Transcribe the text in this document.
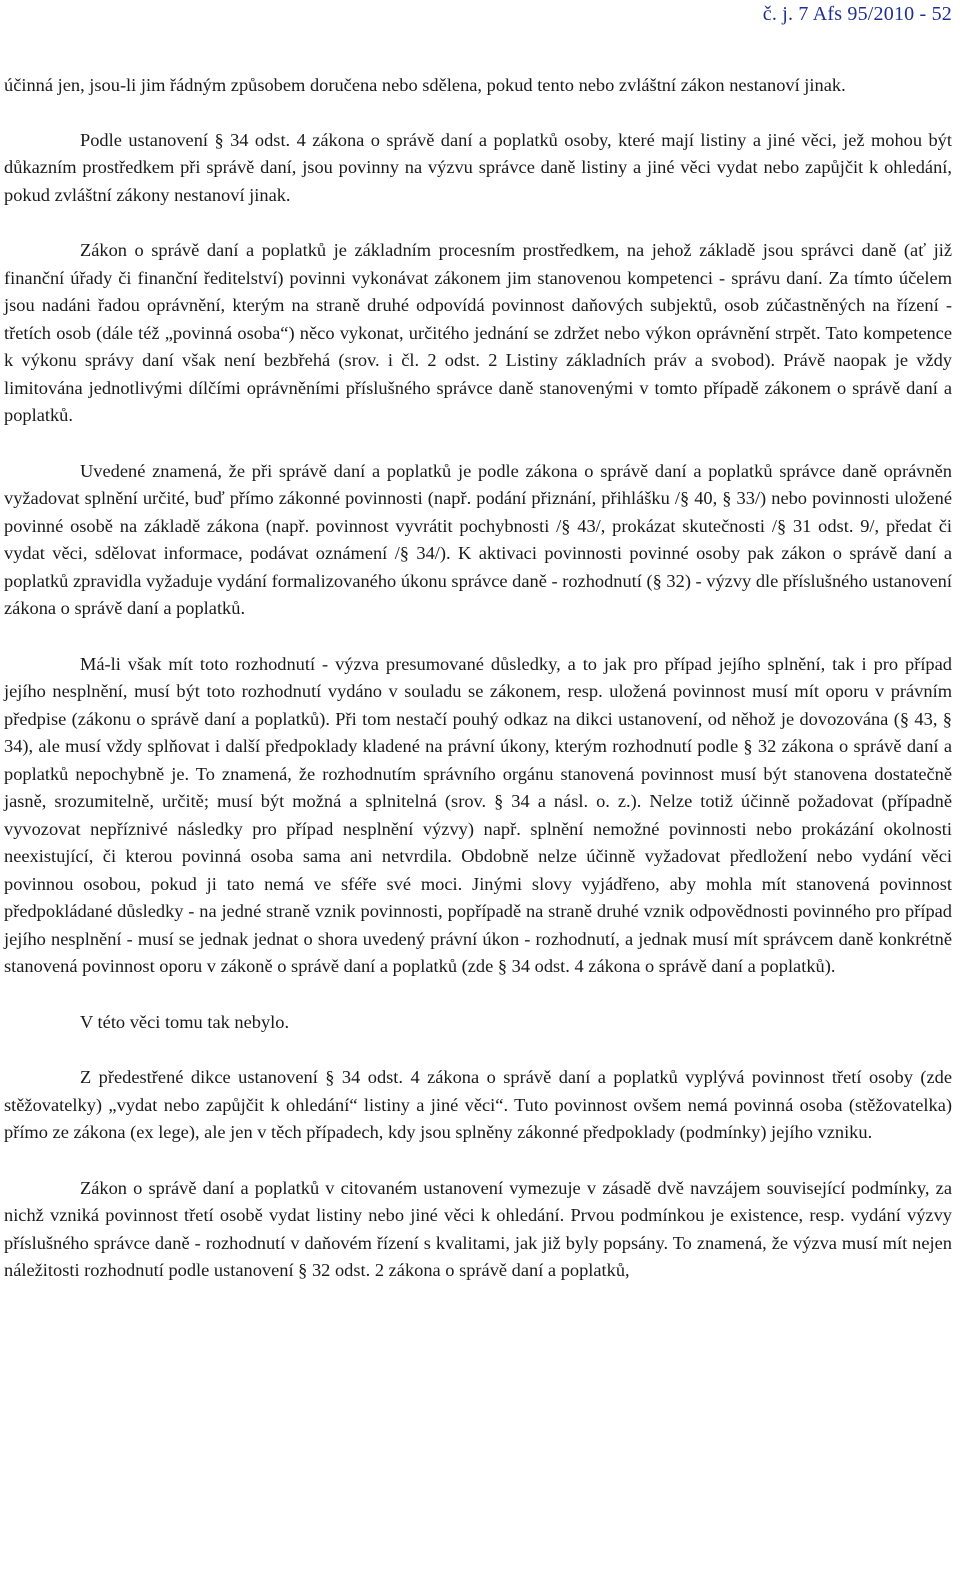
č. j. 7 Afs 95/2010 - 52

účinná jen, jsou-li jim řádným způsobem doručena nebo sdělena, pokud tento nebo zvláštní zákon nestanoví jinak.

Podle ustanovení § 34 odst. 4 zákona o správě daní a poplatků osoby, které mají listiny a jiné věci, jež mohou být důkazním prostředkem při správě daní, jsou povinny na výzvu správce daně listiny a jiné věci vydat nebo zapůjčit k ohledání, pokud zvláštní zákony nestanoví jinak.

Zákon o správě daní a poplatků je základním procesním prostředkem, na jehož základě jsou správci daně (ať již finanční úřady či finanční ředitelství) povinni vykonávat zákonem jim stanovenou kompetenci - správu daní. Za tímto účelem jsou nadáni řadou oprávnění, kterým na straně druhé odpovídá povinnost daňových subjektů, osob zúčastněných na řízení - třetích osob (dále též „povinná osoba“) něco vykonat, určitého jednání se zdržet nebo výkon oprávnění strpět. Tato kompetence k výkonu správy daní však není bezbřehá (srov. i čl. 2 odst. 2 Listiny základních práv a svobod). Právě naopak je vždy limitována jednotlivými dílčími oprávněními příslušného správce daně stanovenými v tomto případě zákonem o správě daní a poplatků.

Uvedené znamená, že při správě daní a poplatků je podle zákona o správě daní a poplatků správce daně oprávněn vyžadovat splnění určité, buď přímo zákonné povinnosti (např. podání přiznání, přihlášku /§ 40, § 33/) nebo povinnosti uložené povinné osobě na základě zákona (např. povinnost vyvrátit pochybnosti /§ 43/, prokázat skutečnosti /§ 31 odst. 9/, předat či vydat věci, sdělovat informace, podávat oznámení /§ 34/). K aktivaci povinnosti povinné osoby pak zákon o správě daní a poplatků zpravidla vyžaduje vydání formalizovaného úkonu správce daně - rozhodnutí (§ 32) - výzvy dle příslušného ustanovení zákona o správě daní a poplatků.

Má-li však mít toto rozhodnutí - výzva presumované důsledky, a to jak pro případ jejího splnění, tak i pro případ jejího nesplnění, musí být toto rozhodnutí vydáno v souladu se zákonem, resp. uložená povinnost musí mít oporu v právním předpise (zákonu o správě daní a poplatků). Při tom nestačí pouhý odkaz na dikci ustanovení, od něhož je dovozována (§ 43, § 34), ale musí vždy splňovat i další předpoklady kladené na právní úkony, kterým rozhodnutí podle § 32 zákona o správě daní a poplatků nepochybně je. To znamená, že rozhodnutím správního orgánu stanovená povinnost musí být stanovena dostatečně jasně, srozumitelně, určitě; musí být možná a splnitelná (srov. § 34 a násl. o. z.). Nelze totiž účinně požadovat (případně vyvozovat nepříznivé následky pro případ nesplnění výzvy) např. splnění nemožné povinnosti nebo prokázání okolnosti neexistující, či kterou povinná osoba sama ani netvrdila. Obdobně nelze účinně vyžadovat předložení nebo vydání věci povinnou osobou, pokud ji tato nemá ve sféře své moci. Jinými slovy vyjádřeno, aby mohla mít stanovená povinnost předpokládané důsledky - na jedné straně vznik povinnosti, popřípadě na straně druhé vznik odpovědnosti povinného pro případ jejího nesplnění - musí se jednak jednat o shora uvedený právní úkon - rozhodnutí, a jednak musí mít správcem daně konkrétně stanovená povinnost oporu v zákoně o správě daní a poplatků (zde § 34 odst. 4 zákona o správě daní a poplatků).

V této věci tomu tak nebylo.

Z předestřené dikce ustanovení § 34 odst. 4 zákona o správě daní a poplatků vyplývá povinnost třetí osoby (zde stěžovatelky) „vydat nebo zapůjčit k ohledání“ listiny a jiné věci“. Tuto povinnost ovšem nemá povinná osoba (stěžovatelka) přímo ze zákona (ex lege), ale jen v těch případech, kdy jsou splněny zákonné předpoklady (podmínky) jejího vzniku.

Zákon o správě daní a poplatků v citovaném ustanovení vymezuje v zásadě dvě navzájem související podmínky, za nichž vzniká povinnost třetí osobě vydat listiny nebo jiné věci k ohledání. Prvou podmínkou je existence, resp. vydání výzvy příslušného správce daně - rozhodnutí v daňovém řízení s kvalitami, jak již byly popsány. To znamená, že výzva musí mít nejen náležitosti rozhodnutí podle ustanovení § 32 odst. 2 zákona o správě daní a poplatků,
